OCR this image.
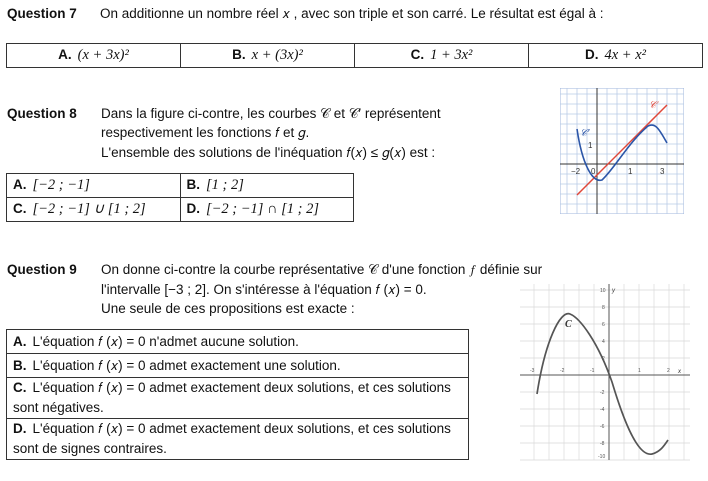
Question 7 On additionne un nombre réel 𝑥 , avec son triple et son carré. Le résultat est égal à :
A. (x + 3x)²	B. x + (3x)²	C. 1 + 3x²	D. 4x + x²
Question 8 Dans la figure ci-contre, les courbes 𝒞 et 𝒞′ représentent
respectivement les fonctions 𝑓 et 𝑔.
L'ensemble des solutions de l'inéquation 𝑓(𝑥) ≤ 𝑔(𝑥) est :
A. [−2 ; −1]	B. [1 ; 2]
C. [−2 ; −1] ∪ [1 ; 2]	D. [−2 ; −1] ∩ [1 ; 2]
𝒞
𝒞′
−2 0	1	3
1
Question 9 On donne ci-contre la courbe représentative 𝒞 d'une fonction 𝑓 définie sur
l'intervalle [−3 ; 2]. On s'intéresse à l'équation 𝑓 (𝑥) = 0.
Une seule de ces propositions est exacte :
A. L'équation 𝑓 (𝑥) = 0 n'admet aucune solution.
B. L'équation 𝑓 (𝑥) = 0 admet exactement une solution.
C. L'équation 𝑓 (𝑥) = 0 admet exactement deux solutions, et ces solutions sont négatives.
D. L'équation 𝑓 (𝑥) = 0 admet exactement deux solutions, et ces solutions sont de signes contraires.
C
y
x
10
8
6
4
2
-2
-4
-6
-8
-10
-3	-2	-1	1	2
